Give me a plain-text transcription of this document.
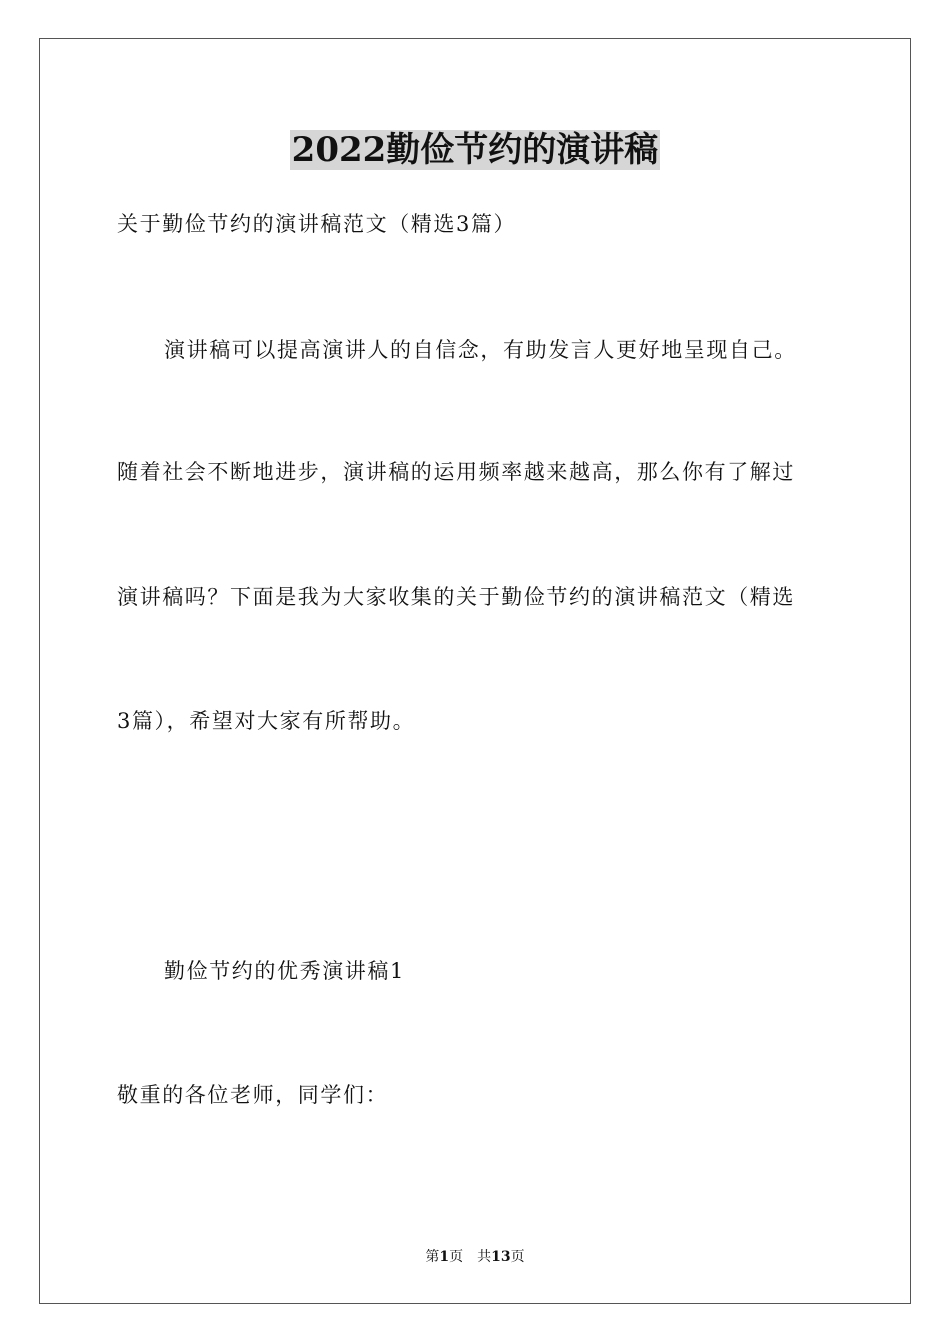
2022勤俭节约的演讲稿
关于勤俭节约的演讲稿范文（精选3篇）
演讲稿可以提高演讲人的自信念，有助发言人更好地呈现自己。
随着社会不断地进步，演讲稿的运用频率越来越高，那么你有了解过
演讲稿吗？下面是我为大家收集的关于勤俭节约的演讲稿范文（精选
3篇），希望对大家有所帮助。
勤俭节约的优秀演讲稿1
敬重的各位老师，同学们：
第1页 共13页
